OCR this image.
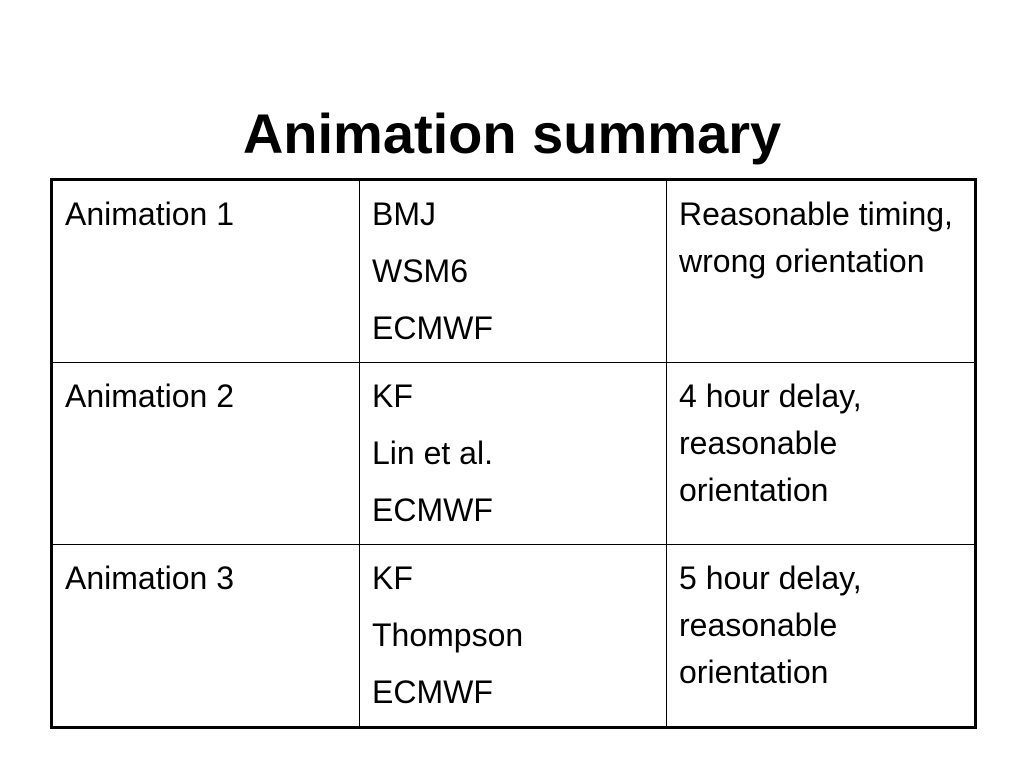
Animation summary
Animation 1	BMJ
WSM6
ECMWF	Reasonable timing, wrong orientation

Animation 2	KF
Lin et al.
ECMWF	4 hour delay, reasonable orientation

Animation 3	KF
Thompson
ECMWF	5 hour delay, reasonable orientation
